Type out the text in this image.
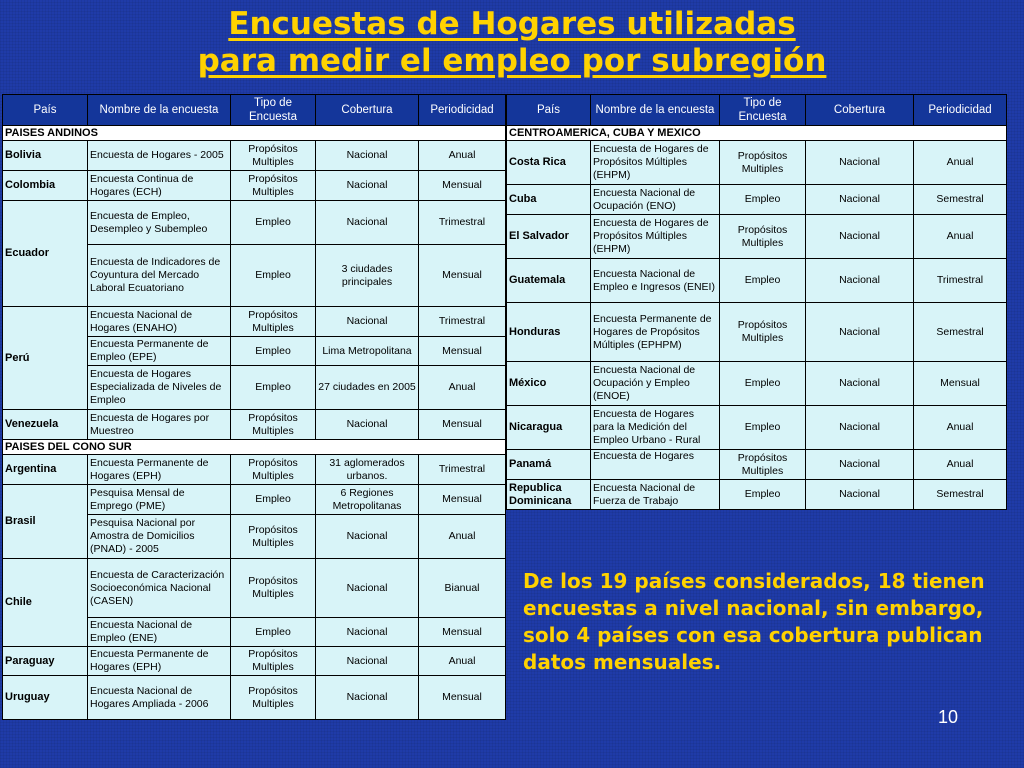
Encuestas de Hogares utilizadas
para medir el empleo por subregión
País	Nombre de la encuesta	Tipo de Encuesta	Cobertura	Periodicidad
PAISES ANDINOS				
Bolivia	Encuesta de Hogares - 2005	Propósitos Multiples	Nacional	Anual
Colombia	Encuesta Continua de Hogares (ECH)	Propósitos Multiples	Nacional	Mensual
Ecuador	Encuesta de Empleo, Desempleo y Subempleo	Empleo	Nacional	Trimestral
	Encuesta de Indicadores de Coyuntura del Mercado Laboral Ecuatoriano	Empleo	3 ciudades principales	Mensual
Perú	Encuesta Nacional de Hogares (ENAHO)	Propósitos Multiples	Nacional	Trimestral
	Encuesta Permanente de Empleo (EPE)	Empleo	Lima Metropolitana	Mensual
	Encuesta de Hogares Especializada de Niveles de Empleo	Empleo	27 ciudades en 2005	Anual
Venezuela	Encuesta de Hogares por Muestreo	Propósitos Multiples	Nacional	Mensual
PAISES DEL CONO SUR				
Argentina	Encuesta Permanente de Hogares (EPH)	Propósitos Multiples	31 aglomerados urbanos.	Trimestral
Brasil	Pesquisa Mensal de Emprego (PME)	Empleo	6 Regiones Metropolitanas	Mensual
	Pesquisa Nacional por Amostra de Domicilios (PNAD) - 2005	Propósitos Multiples	Nacional	Anual
Chile	Encuesta de Caracterización Socioeconómica Nacional (CASEN)	Propósitos Multiples	Nacional	Bianual
	Encuesta Nacional de Empleo (ENE)	Empleo	Nacional	Mensual
Paraguay	Encuesta Permanente de Hogares (EPH)	Propósitos Multiples	Nacional	Anual
Uruguay	Encuesta Nacional de Hogares Ampliada - 2006	Propósitos Multiples	Nacional	Mensual
País	Nombre de la encuesta	Tipo de Encuesta	Cobertura	Periodicidad
CENTROAMERICA, CUBA Y MEXICO				
Costa Rica	Encuesta de Hogares de Propósitos Múltiples (EHPM)	Propósitos Multiples	Nacional	Anual
Cuba	Encuesta Nacional de Ocupación (ENO)	Empleo	Nacional	Semestral
El Salvador	Encuesta de Hogares de Propósitos Múltiples (EHPM)	Propósitos Multiples	Nacional	Anual
Guatemala	Encuesta Nacional de Empleo e Ingresos (ENEI)	Empleo	Nacional	Trimestral
Honduras	Encuesta Permanente de Hogares de Propósitos Múltiples (EPHPM)	Propósitos Multiples	Nacional	Semestral
México	Encuesta Nacional de Ocupación y Empleo (ENOE)	Empleo	Nacional	Mensual
Nicaragua	Encuesta de Hogares para la Medición del Empleo Urbano - Rural	Empleo	Nacional	Anual
Panamá	Encuesta de Hogares	Propósitos Multiples	Nacional	Anual
Republica Dominicana	Encuesta Nacional de Fuerza de Trabajo	Empleo	Nacional	Semestral
De los 19 países considerados, 18 tienen encuestas a nivel nacional, sin embargo, solo 4 países con esa cobertura publican datos mensuales.
10
